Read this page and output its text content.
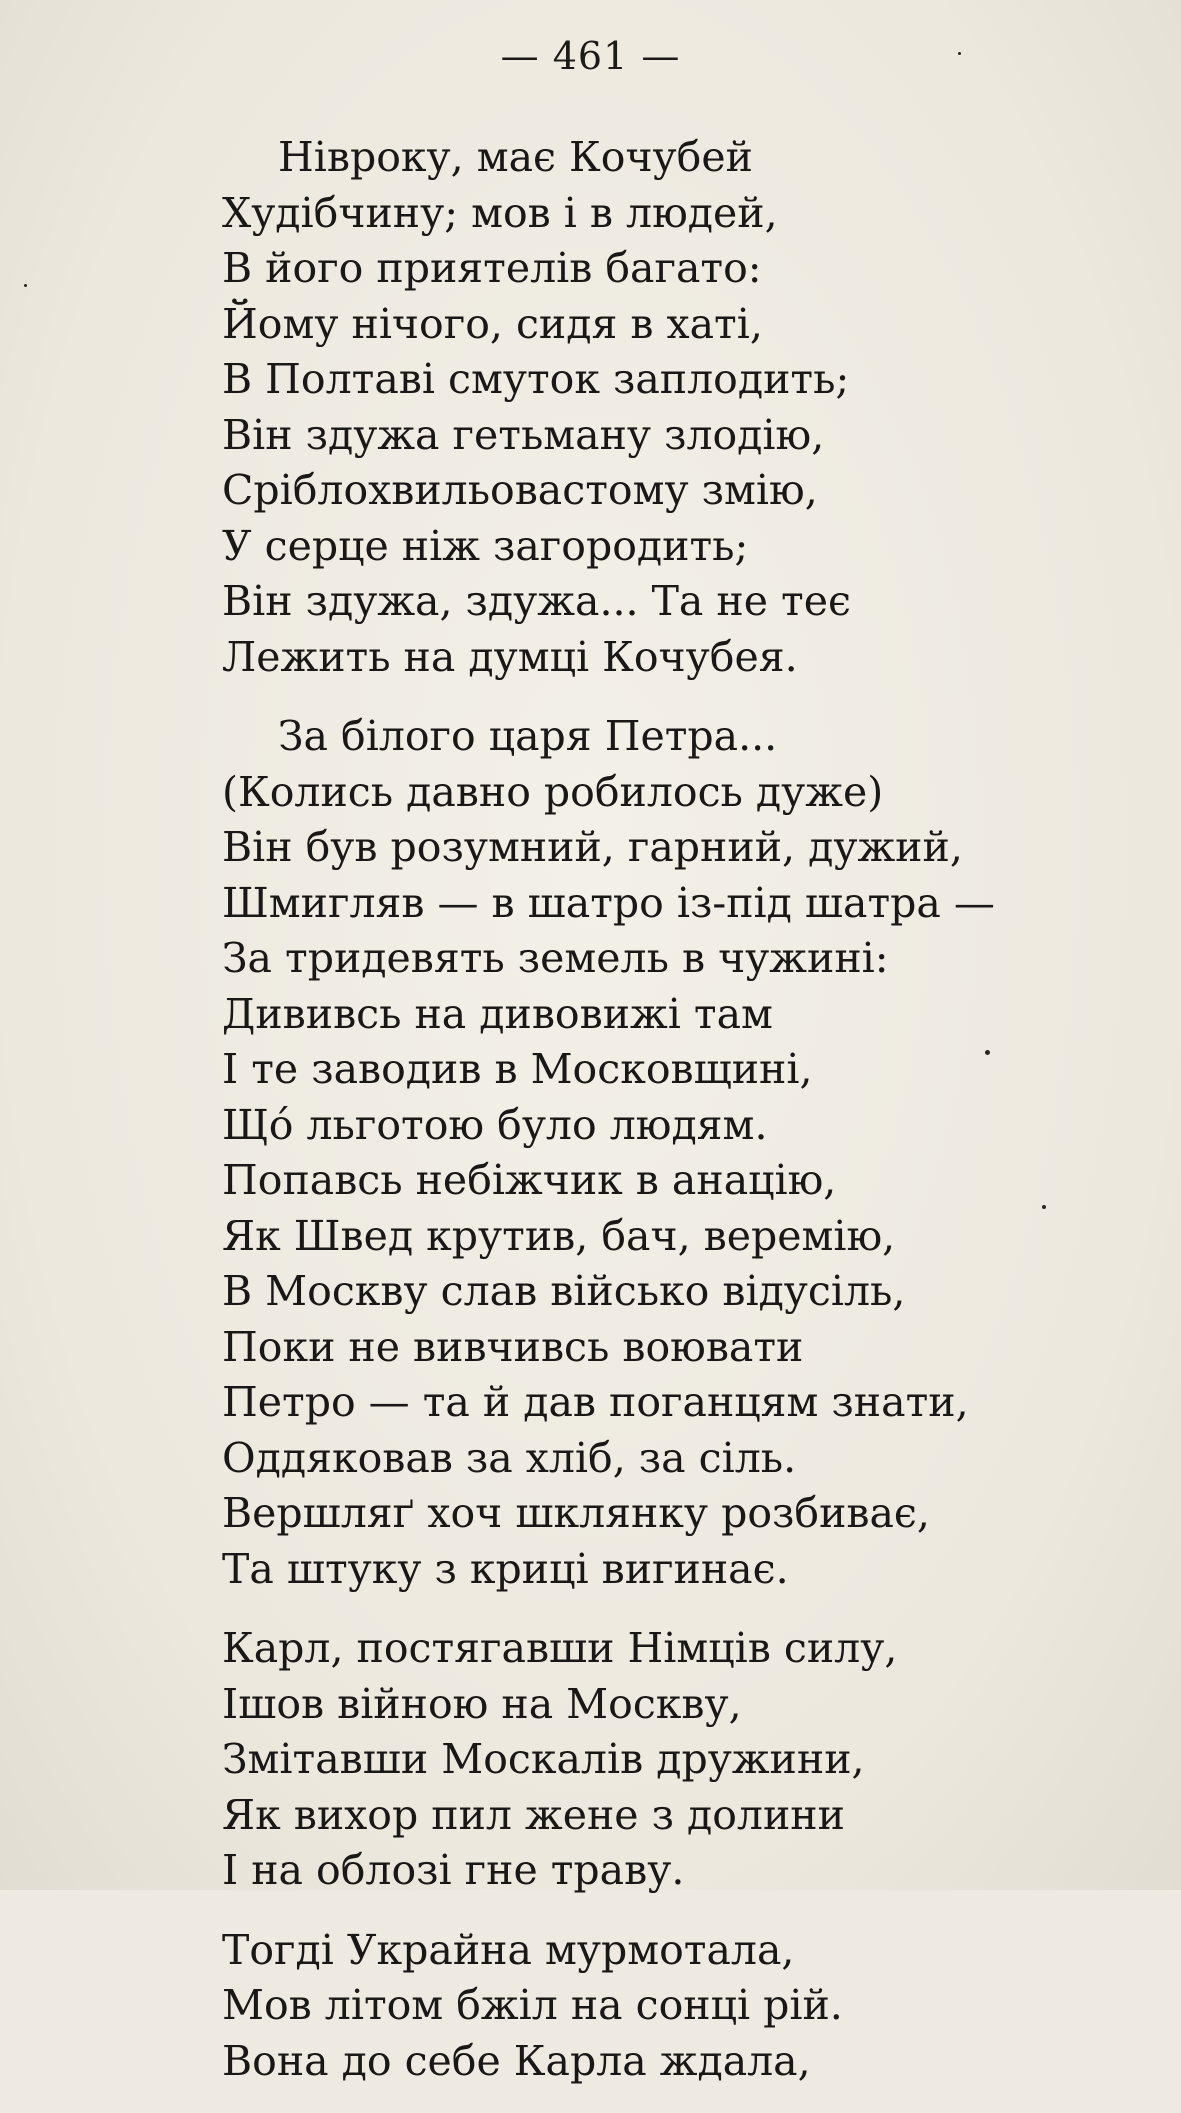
— 461 —
Нівроку, має Кочубей
Худібчину; мов і в людей,
В його приятелів багато:
Йому нічого, сидя в хаті,
В Полтаві смуток заплодить;
Він здужа гетьману злодію,
Сріблохвильовастому змію,
У серце ніж загородить;
Він здужа, здужа... Та не теє
Лежить на думці Кочубея.
За білого царя Петра...
(Колись давно робилось дуже)
Він був розумний, гарний, дужий,
Шмигляв — в шатро із-під шатра —
За тридевять земель в чужині:
Дививсь на дивовижі там
І те заводив в Московщині,
Що́ льготою було людям.
Попавсь небіжчик в анацію,
Як Швед крутив, бач, веремію,
В Москву слав військо відусіль,
Поки не вивчивсь воювати
Петро — та й дав поганцям знати,
Оддяковав за хліб, за сіль.
Вершляґ хоч шклянку розбиває,
Та штуку з криці вигинає.
Карл, постягавши Німців силу,
Ішов війною на Москву,
Змітавши Москалів дружини,
Як вихор пил жене з долини
І на облозі гне траву.
Тогді Украйна мурмотала,
Мов літом бжіл на сонці рій.
Вона до себе Карла ждала,
